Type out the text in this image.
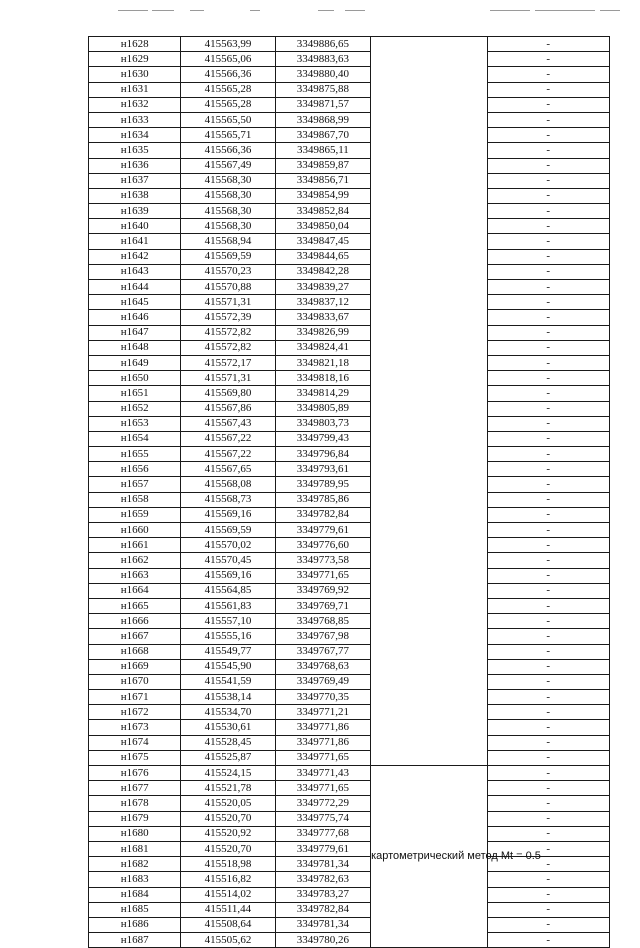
н1628	415563,99	3349886,65		-
н1629	415565,06	3349883,63		-
н1630	415566,36	3349880,40		-
н1631	415565,28	3349875,88		-
н1632	415565,28	3349871,57		-
н1633	415565,50	3349868,99		-
н1634	415565,71	3349867,70		-
н1635	415566,36	3349865,11		-
н1636	415567,49	3349859,87		-
н1637	415568,30	3349856,71		-
н1638	415568,30	3349854,99		-
н1639	415568,30	3349852,84		-
н1640	415568,30	3349850,04		-
н1641	415568,94	3349847,45		-
н1642	415569,59	3349844,65		-
н1643	415570,23	3349842,28		-
н1644	415570,88	3349839,27		-
н1645	415571,31	3349837,12		-
н1646	415572,39	3349833,67		-
н1647	415572,82	3349826,99		-
н1648	415572,82	3349824,41		-
н1649	415572,17	3349821,18		-
н1650	415571,31	3349818,16		-
н1651	415569,80	3349814,29		-
н1652	415567,86	3349805,89		-
н1653	415567,43	3349803,73		-
н1654	415567,22	3349799,43		-
н1655	415567,22	3349796,84		-
н1656	415567,65	3349793,61		-
н1657	415568,08	3349789,95		-
н1658	415568,73	3349785,86		-
н1659	415569,16	3349782,84		-
н1660	415569,59	3349779,61		-
н1661	415570,02	3349776,60		-
н1662	415570,45	3349773,58		-
н1663	415569,16	3349771,65		-
н1664	415564,85	3349769,92		-
н1665	415561,83	3349769,71		-
н1666	415557,10	3349768,85		-
н1667	415555,16	3349767,98		-
н1668	415549,77	3349767,77		-
н1669	415545,90	3349768,63		-
н1670	415541,59	3349769,49		-
н1671	415538,14	3349770,35		-
н1672	415534,70	3349771,21		-
н1673	415530,61	3349771,86		-
н1674	415528,45	3349771,86		-
н1675	415525,87	3349771,65		-
н1676	415524,15	3349771,43	картометрический метод Mt = 0.5	-
н1677	415521,78	3349771,65		-
н1678	415520,05	3349772,29		-
н1679	415520,70	3349775,74		-
н1680	415520,92	3349777,68		-
н1681	415520,70	3349779,61		-
н1682	415518,98	3349781,34		-
н1683	415516,82	3349782,63		-
н1684	415514,02	3349783,27		-
н1685	415511,44	3349782,84		-
н1686	415508,64	3349781,34		-
н1687	415505,62	3349780,26		-
